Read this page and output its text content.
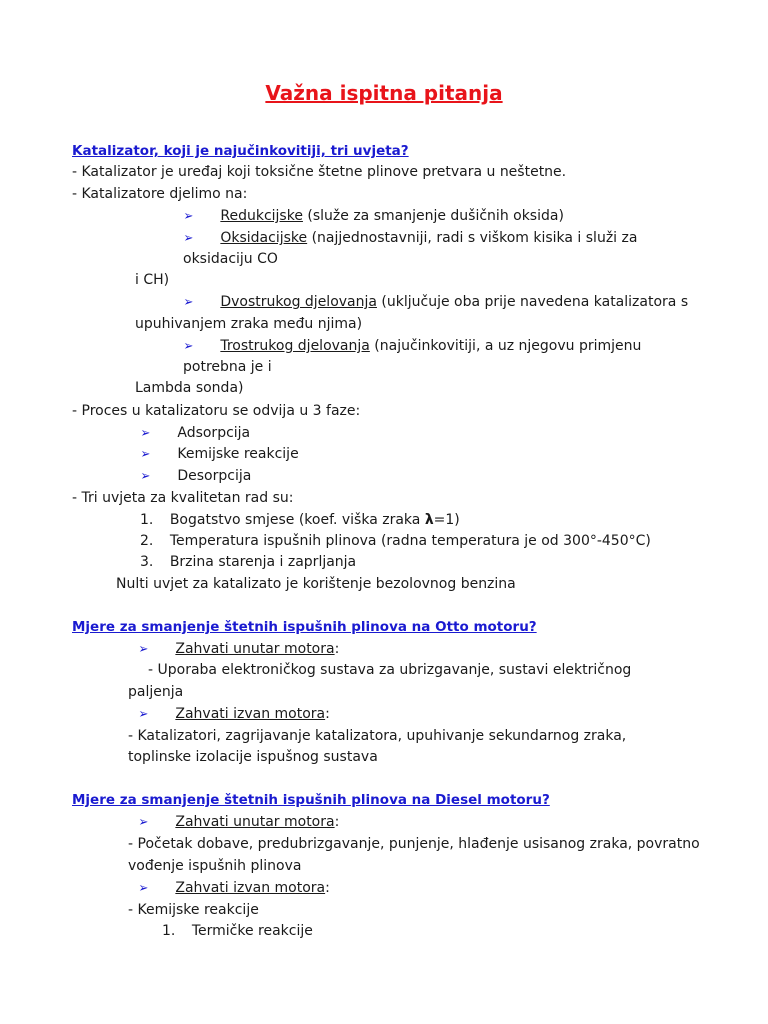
Važna ispitna pitanja
Katalizator, koji je najučinkovitiji, tri uvjeta?
- Katalizator je uređaj koji toksične štetne plinove pretvara u neštetne.
- Katalizatore djelimo na:
➢ Redukcijske (služe za smanjenje dušičnih oksida)
➢ Oksidacijske (najjednostavniji, radi s viškom kisika i služi za
oksidaciju CO
i CH)
➢ Dvostrukog djelovanja (uključuje oba prije navedena katalizatora s
upuhivanjem zraka među njima)
➢ Trostrukog djelovanja (najučinkovitiji, a uz njegovu primjenu
potrebna je i
Lambda sonda)
- Proces u katalizatoru se odvija u 3 faze:
➢ Adsorpcija
➢ Kemijske reakcije
➢ Desorpcija
- Tri uvjeta za kvalitetan rad su:
1. Bogatstvo smjese (koef. viška zraka λ=1)
2. Temperatura ispušnih plinova (radna temperatura je od 300°-450°C)
3. Brzina starenja i zaprljanja
Nulti uvjet za katalizato je korištenje bezolovnog benzina
Mjere za smanjenje štetnih ispušnih plinova na Otto motoru?
➢ Zahvati unutar motora:
- Uporaba elektroničkog sustava za ubrizgavanje, sustavi električnog
paljenja
➢ Zahvati izvan motora:
- Katalizatori, zagrijavanje katalizatora, upuhivanje sekundarnog zraka,
toplinske izolacije ispušnog sustava
Mjere za smanjenje štetnih ispušnih plinova na Diesel motoru?
➢ Zahvati unutar motora:
- Početak dobave, predubrizgavanje, punjenje, hlađenje usisanog zraka, povratno
vođenje ispušnih plinova
➢ Zahvati izvan motora:
- Kemijske reakcije
1. Termičke reakcije
